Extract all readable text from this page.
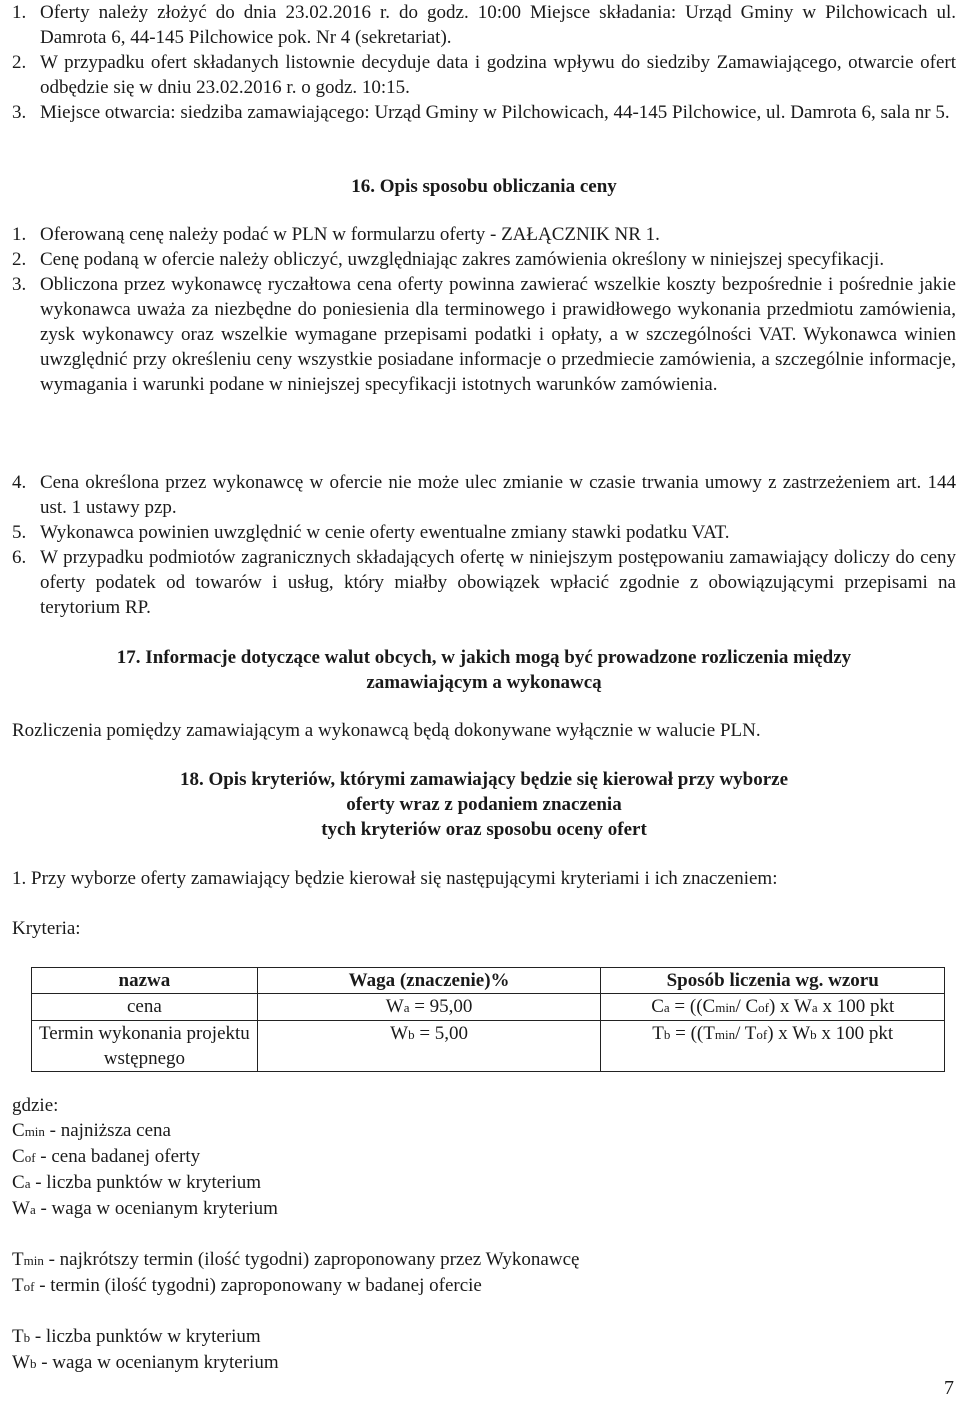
1. Oferty należy złożyć do dnia 23.02.2016 r. do godz. 10:00 Miejsce składania: Urząd Gminy w Pilchowicach ul. Damrota 6, 44-145 Pilchowice pok. Nr 4 (sekretariat).
2. W przypadku ofert składanych listownie decyduje data i godzina wpływu do siedziby Zamawiającego, otwarcie ofert odbędzie się w dniu 23.02.2016 r. o godz. 10:15.
3. Miejsce otwarcia: siedziba zamawiającego: Urząd Gminy w Pilchowicach, 44-145 Pilchowice, ul. Damrota 6, sala nr 5.
16. Opis sposobu obliczania ceny
1. Oferowaną cenę należy podać w PLN w formularzu oferty - ZAŁĄCZNIK NR 1.
2. Cenę podaną w ofercie należy obliczyć, uwzględniając zakres zamówienia określony w niniejszej specyfikacji.
3. Obliczona przez wykonawcę ryczałtowa cena oferty powinna zawierać wszelkie koszty bezpośrednie i pośrednie jakie wykonawca uważa za niezbędne do poniesienia dla terminowego i prawidłowego wykonania przedmiotu zamówienia, zysk wykonawcy oraz wszelkie wymagane przepisami podatki i opłaty, a w szczególności VAT. Wykonawca winien uwzględnić przy określeniu ceny wszystkie posiadane informacje o przedmiecie zamówienia, a szczególnie informacje, wymagania i warunki podane w niniejszej specyfikacji istotnych warunków zamówienia.
4. Cena określona przez wykonawcę w ofercie nie może ulec zmianie w czasie trwania umowy z zastrzeżeniem art. 144 ust. 1 ustawy pzp.
5. Wykonawca powinien uwzględnić w cenie oferty ewentualne zmiany stawki podatku VAT.
6. W przypadku podmiotów zagranicznych składających ofertę w niniejszym postępowaniu zamawiający doliczy do ceny oferty podatek od towarów i usług, który miałby obowiązek wpłacić zgodnie z obowiązującymi przepisami na terytorium RP.
17. Informacje dotyczące walut obcych, w jakich mogą być prowadzone rozliczenia między
zamawiającym a wykonawcą
Rozliczenia pomiędzy zamawiającym a wykonawcą będą dokonywane wyłącznie w walucie PLN.
18. Opis kryteriów, którymi zamawiający będzie się kierował przy wyborze
oferty wraz z podaniem znaczenia
tych kryteriów oraz sposobu oceny ofert
1. Przy wyborze oferty zamawiający będzie kierował się następującymi kryteriami i ich znaczeniem:
Kryteria:
nazwa	Waga (znaczenie)%	Sposób liczenia wg. wzoru
cena	Wa = 95,00	Ca = ((Cmin/ Cof) x Wa x 100 pkt
Termin wykonania projektu wstępnego	Wb = 5,00	Tb = ((Tmin/ Tof) x Wb x 100 pkt
gdzie:
Cmin - najniższa cena
Cof - cena badanej oferty
Ca - liczba punktów w kryterium
Wa - waga w ocenianym kryterium
Tmin - najkrótszy termin (ilość tygodni) zaproponowany przez Wykonawcę
Tof - termin (ilość tygodni) zaproponowany w badanej ofercie
Tb - liczba punktów w kryterium
Wb - waga w ocenianym kryterium
7
